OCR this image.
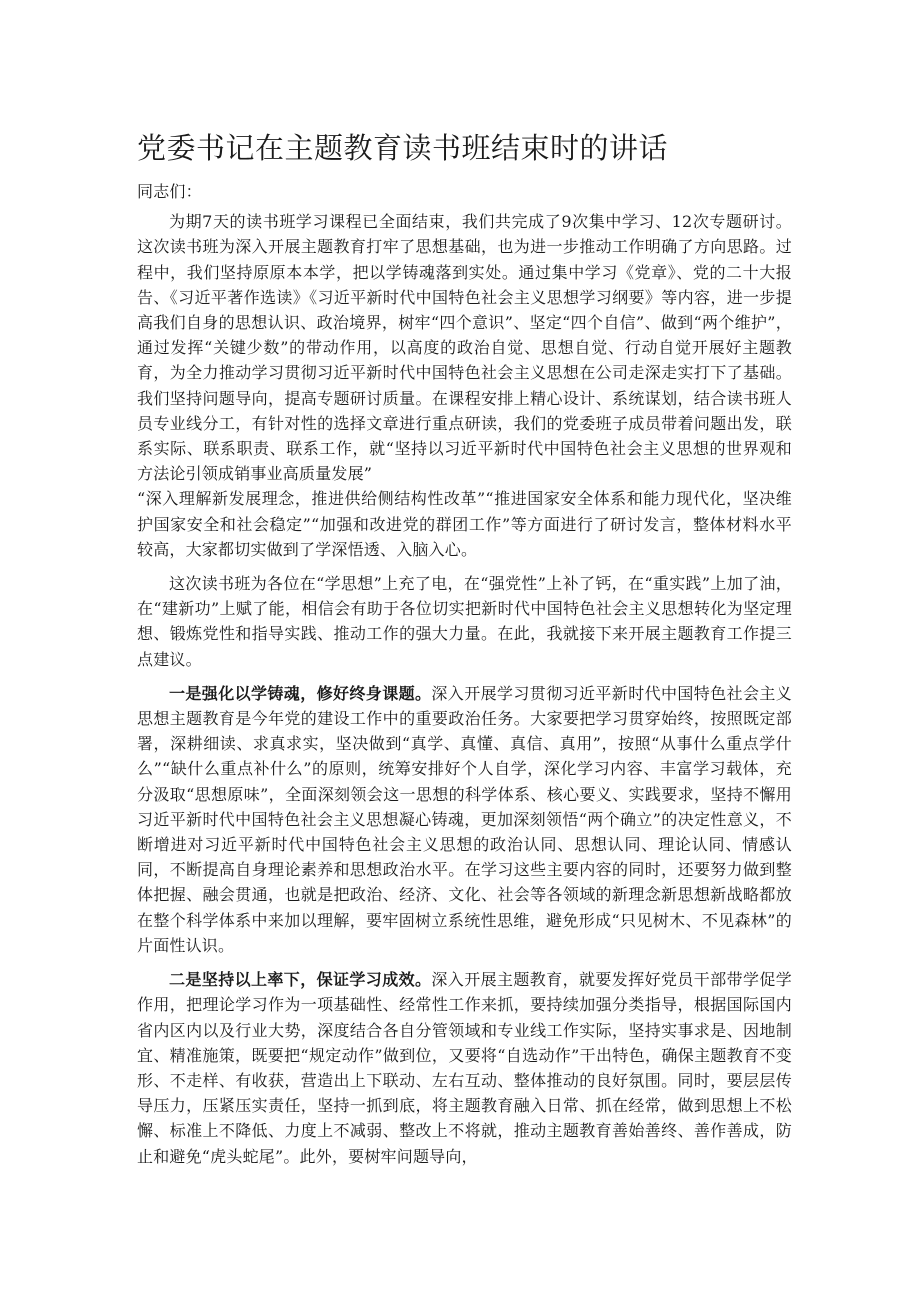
党委书记在主题教育读书班结束时的讲话

同志们：

为期7天的读书班学习课程已全面结束，我们共完成了9次集中学习、12次专题研讨。这次读书班为深入开展主题教育打牢了思想基础，也为进一步推动工作明确了方向思路。过程中，我们坚持原原本本学，把以学铸魂落到实处。通过集中学习《党章》、党的二十大报告、《习近平著作选读》《习近平新时代中国特色社会主义思想学习纲要》等内容，进一步提高我们自身的思想认识、政治境界，树牢“四个意识”、坚定“四个自信”、做到“两个维护”，通过发挥“关键少数”的带动作用，以高度的政治自觉、思想自觉、行动自觉开展好主题教育，为全力推动学习贯彻习近平新时代中国特色社会主义思想在公司走深走实打下了基础。我们坚持问题导向，提高专题研讨质量。在课程安排上精心设计、系统谋划，结合读书班人员专业线分工，有针对性的选择文章进行重点研读，我们的党委班子成员带着问题出发，联系实际、联系职责、联系工作，就“坚持以习近平新时代中国特色社会主义思想的世界观和方法论引领成销事业高质量发展”

“深入理解新发展理念，推进供给侧结构性改革”“推进国家安全体系和能力现代化，坚决维护国家安全和社会稳定”“加强和改进党的群团工作”等方面进行了研讨发言，整体材料水平较高，大家都切实做到了学深悟透、入脑入心。

这次读书班为各位在“学思想”上充了电，在“强党性”上补了钙，在“重实践”上加了油，在“建新功”上赋了能，相信会有助于各位切实把新时代中国特色社会主义思想转化为坚定理想、锻炼党性和指导实践、推动工作的强大力量。在此，我就接下来开展主题教育工作提三点建议。

一是强化以学铸魂，修好终身课题。深入开展学习贯彻习近平新时代中国特色社会主义思想主题教育是今年党的建设工作中的重要政治任务。大家要把学习贯穿始终，按照既定部署，深耕细读、求真求实，坚决做到“真学、真懂、真信、真用”，按照“从事什么重点学什么”“缺什么重点补什么”的原则，统筹安排好个人自学，深化学习内容、丰富学习载体，充分汲取“思想原味”，全面深刻领会这一思想的科学体系、核心要义、实践要求，坚持不懈用习近平新时代中国特色社会主义思想凝心铸魂，更加深刻领悟“两个确立”的决定性意义，不断增进对习近平新时代中国特色社会主义思想的政治认同、思想认同、理论认同、情感认同，不断提高自身理论素养和思想政治水平。在学习这些主要内容的同时，还要努力做到整体把握、融会贯通，也就是把政治、经济、文化、社会等各领域的新理念新思想新战略都放在整个科学体系中来加以理解，要牢固树立系统性思维，避免形成“只见树木、不见森林”的片面性认识。

二是坚持以上率下，保证学习成效。深入开展主题教育，就要发挥好党员干部带学促学作用，把理论学习作为一项基础性、经常性工作来抓，要持续加强分类指导，根据国际国内省内区内以及行业大势，深度结合各自分管领域和专业线工作实际，坚持实事求是、因地制宜、精准施策，既要把“规定动作”做到位，又要将“自选动作”干出特色，确保主题教育不变形、不走样、有收获，营造出上下联动、左右互动、整体推动的良好氛围。同时，要层层传导压力，压紧压实责任，坚持一抓到底，将主题教育融入日常、抓在经常，做到思想上不松懈、标准上不降低、力度上不减弱、整改上不将就，推动主题教育善始善终、善作善成，防止和避免“虎头蛇尾”。此外，要树牢问题导向，
